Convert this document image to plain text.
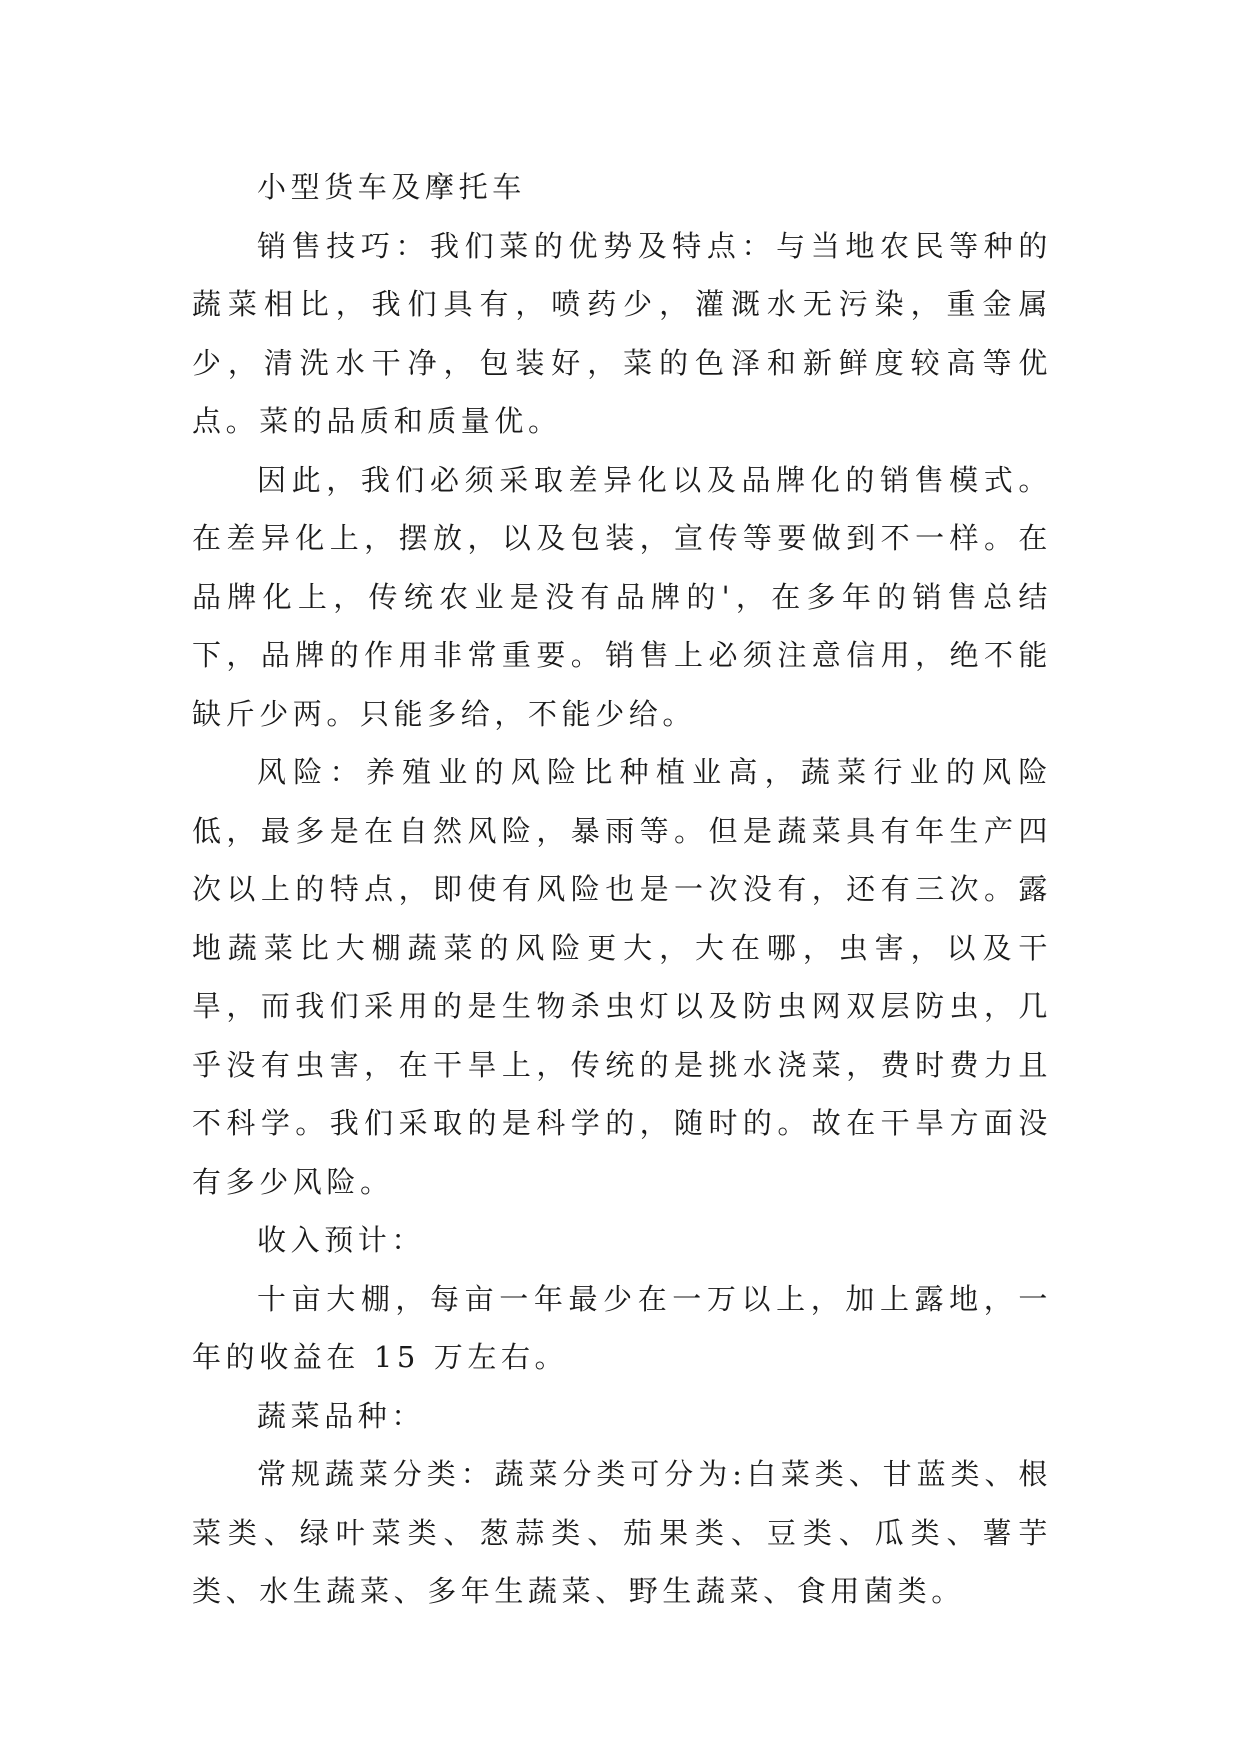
小型货车及摩托车

销售技巧：我们菜的优势及特点：与当地农民等种的蔬菜相比，我们具有，喷药少，灌溉水无污染，重金属少，清洗水干净，包装好，菜的色泽和新鲜度较高等优点。菜的品质和质量优。

因此，我们必须采取差异化以及品牌化的销售模式。在差异化上，摆放，以及包装，宣传等要做到不一样。在品牌化上，传统农业是没有品牌的'，在多年的销售总结下，品牌的作用非常重要。销售上必须注意信用，绝不能缺斤少两。只能多给，不能少给。

风险：养殖业的风险比种植业高，蔬菜行业的风险低，最多是在自然风险，暴雨等。但是蔬菜具有年生产四次以上的特点，即使有风险也是一次没有，还有三次。露地蔬菜比大棚蔬菜的风险更大，大在哪，虫害，以及干旱，而我们采用的是生物杀虫灯以及防虫网双层防虫，几乎没有虫害，在干旱上，传统的是挑水浇菜，费时费力且不科学。我们采取的是科学的，随时的。故在干旱方面没有多少风险。

收入预计：

十亩大棚，每亩一年最少在一万以上，加上露地，一年的收益在 15 万左右。

蔬菜品种：

常规蔬菜分类：蔬菜分类可分为:白菜类、甘蓝类、根菜类、绿叶菜类、葱蒜类、茄果类、豆类、瓜类、薯芋类、水生蔬菜、多年生蔬菜、野生蔬菜、食用菌类。
